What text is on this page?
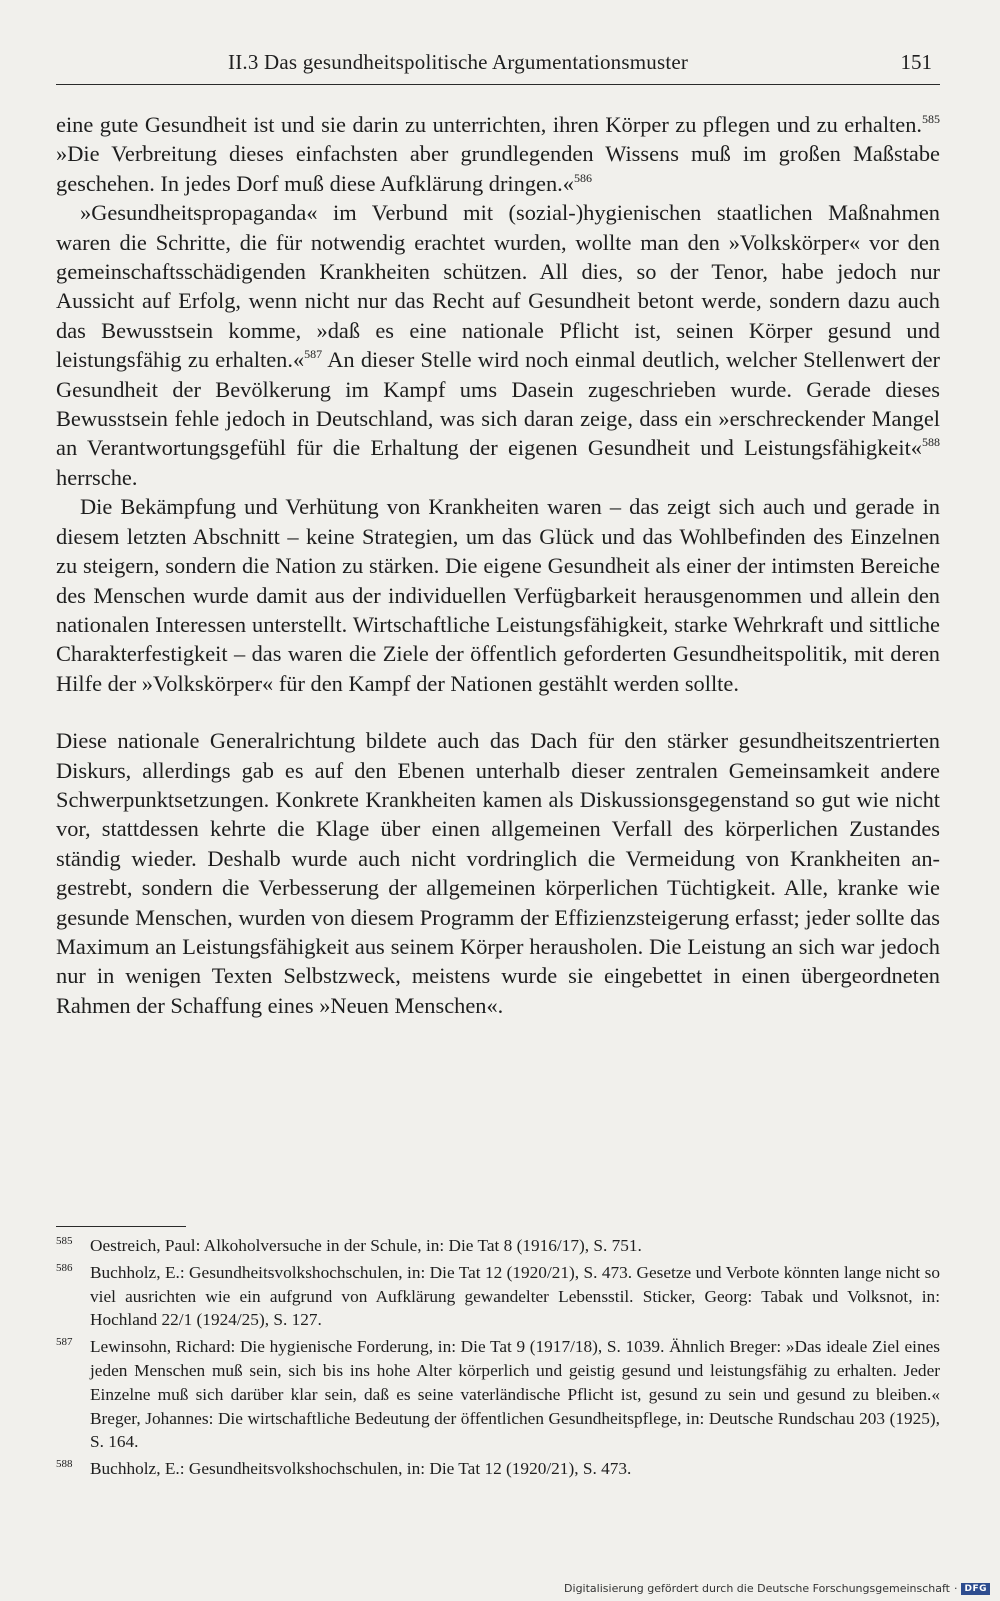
II.3 Das gesundheitspolitische Argumentationsmuster	151

eine gute Gesundheit ist und sie darin zu unterrichten, ihren Körper zu pflegen und zu erhalten.$^{585}$ »Die Verbreitung dieses einfachsten aber grundlegenden Wissens muß im großen Maßstabe geschehen. In jedes Dorf muß diese Aufklärung dringen.«$^{586}$

»Gesundheitspropaganda« im Verbund mit (sozial-)hygienischen staatlichen Maßnahmen waren die Schritte, die für notwendig erachtet wurden, wollte man den »Volkskörper« vor den gemeinschaftsschädigenden Krankheiten schützen. All dies, so der Tenor, habe jedoch nur Aussicht auf Erfolg, wenn nicht nur das Recht auf Gesundheit betont werde, sondern dazu auch das Bewusstsein komme, »daß es eine nationale Pflicht ist, seinen Körper gesund und leistungsfähig zu erhalten.«$^{587}$ An dieser Stelle wird noch einmal deutlich, welcher Stellenwert der Gesundheit der Bevölkerung im Kampf ums Dasein zugeschrieben wurde. Gerade dieses Bewusstsein fehle jedoch in Deutschland, was sich daran zeige, dass ein »erschreckender Mangel an Verantwortungsgefühl für die Erhaltung der eigenen Gesundheit und Leistungsfähigkeit«$^{588}$ herrsche.

Die Bekämpfung und Verhütung von Krankheiten waren – das zeigt sich auch und gerade in diesem letzten Abschnitt – keine Strategien, um das Glück und das Wohlbefinden des Einzelnen zu steigern, sondern die Nation zu stärken. Die eigene Gesundheit als einer der intimsten Bereiche des Menschen wurde damit aus der individuellen Verfügbarkeit herausgenommen und allein den nationalen Interessen unterstellt. Wirtschaftliche Leistungsfähigkeit, starke Wehrkraft und sittliche Charakterfestigkeit – das waren die Ziele der öffentlich geforderten Gesundheitspolitik, mit deren Hilfe der »Volkskörper« für den Kampf der Nationen gestählt werden sollte.

Diese nationale Generalrichtung bildete auch das Dach für den stärker gesundheitszentrierten Diskurs, allerdings gab es auf den Ebenen unterhalb dieser zentralen Gemeinsamkeit andere Schwerpunktsetzungen. Konkrete Krankheiten kamen als Diskussionsgegenstand so gut wie nicht vor, stattdessen kehrte die Klage über einen allgemeinen Verfall des körperlichen Zustandes ständig wieder. Deshalb wurde auch nicht vordringlich die Vermeidung von Krankheiten angestrebt, sondern die Verbesserung der allgemeinen körperlichen Tüchtigkeit. Alle, kranke wie gesunde Menschen, wurden von diesem Programm der Effizienzsteigerung erfasst; jeder sollte das Maximum an Leistungsfähigkeit aus seinem Körper herausholen. Die Leistung an sich war jedoch nur in wenigen Texten Selbstzweck, meistens wurde sie eingebettet in einen übergeordneten Rahmen der Schaffung eines »Neuen Menschen«.

585 Oestreich, Paul: Alkoholversuche in der Schule, in: Die Tat 8 (1916/17), S. 751.
586 Buchholz, E.: Gesundheitsvolkshochschulen, in: Die Tat 12 (1920/21), S. 473. Gesetze und Verbote könnten lange nicht so viel ausrichten wie ein aufgrund von Aufklärung gewandelter Lebensstil. Sticker, Georg: Tabak und Volksnot, in: Hochland 22/1 (1924/25), S. 127.
587 Lewinsohn, Richard: Die hygienische Forderung, in: Die Tat 9 (1917/18), S. 1039. Ähnlich Breger: »Das ideale Ziel eines jeden Menschen muß sein, sich bis ins hohe Alter körperlich und geistig gesund und leistungsfähig zu erhalten. Jeder Einzelne muß sich darüber klar sein, daß es seine vaterländische Pflicht ist, gesund zu sein und gesund zu bleiben.« Breger, Johannes: Die wirtschaftliche Bedeutung der öffentlichen Gesundheitspflege, in: Deutsche Rundschau 203 (1925), S. 164.
588 Buchholz, E.: Gesundheitsvolkshochschulen, in: Die Tat 12 (1920/21), S. 473.
Digitalisierung gefördert durch die Deutsche Forschungsgemeinschaft · DFG
